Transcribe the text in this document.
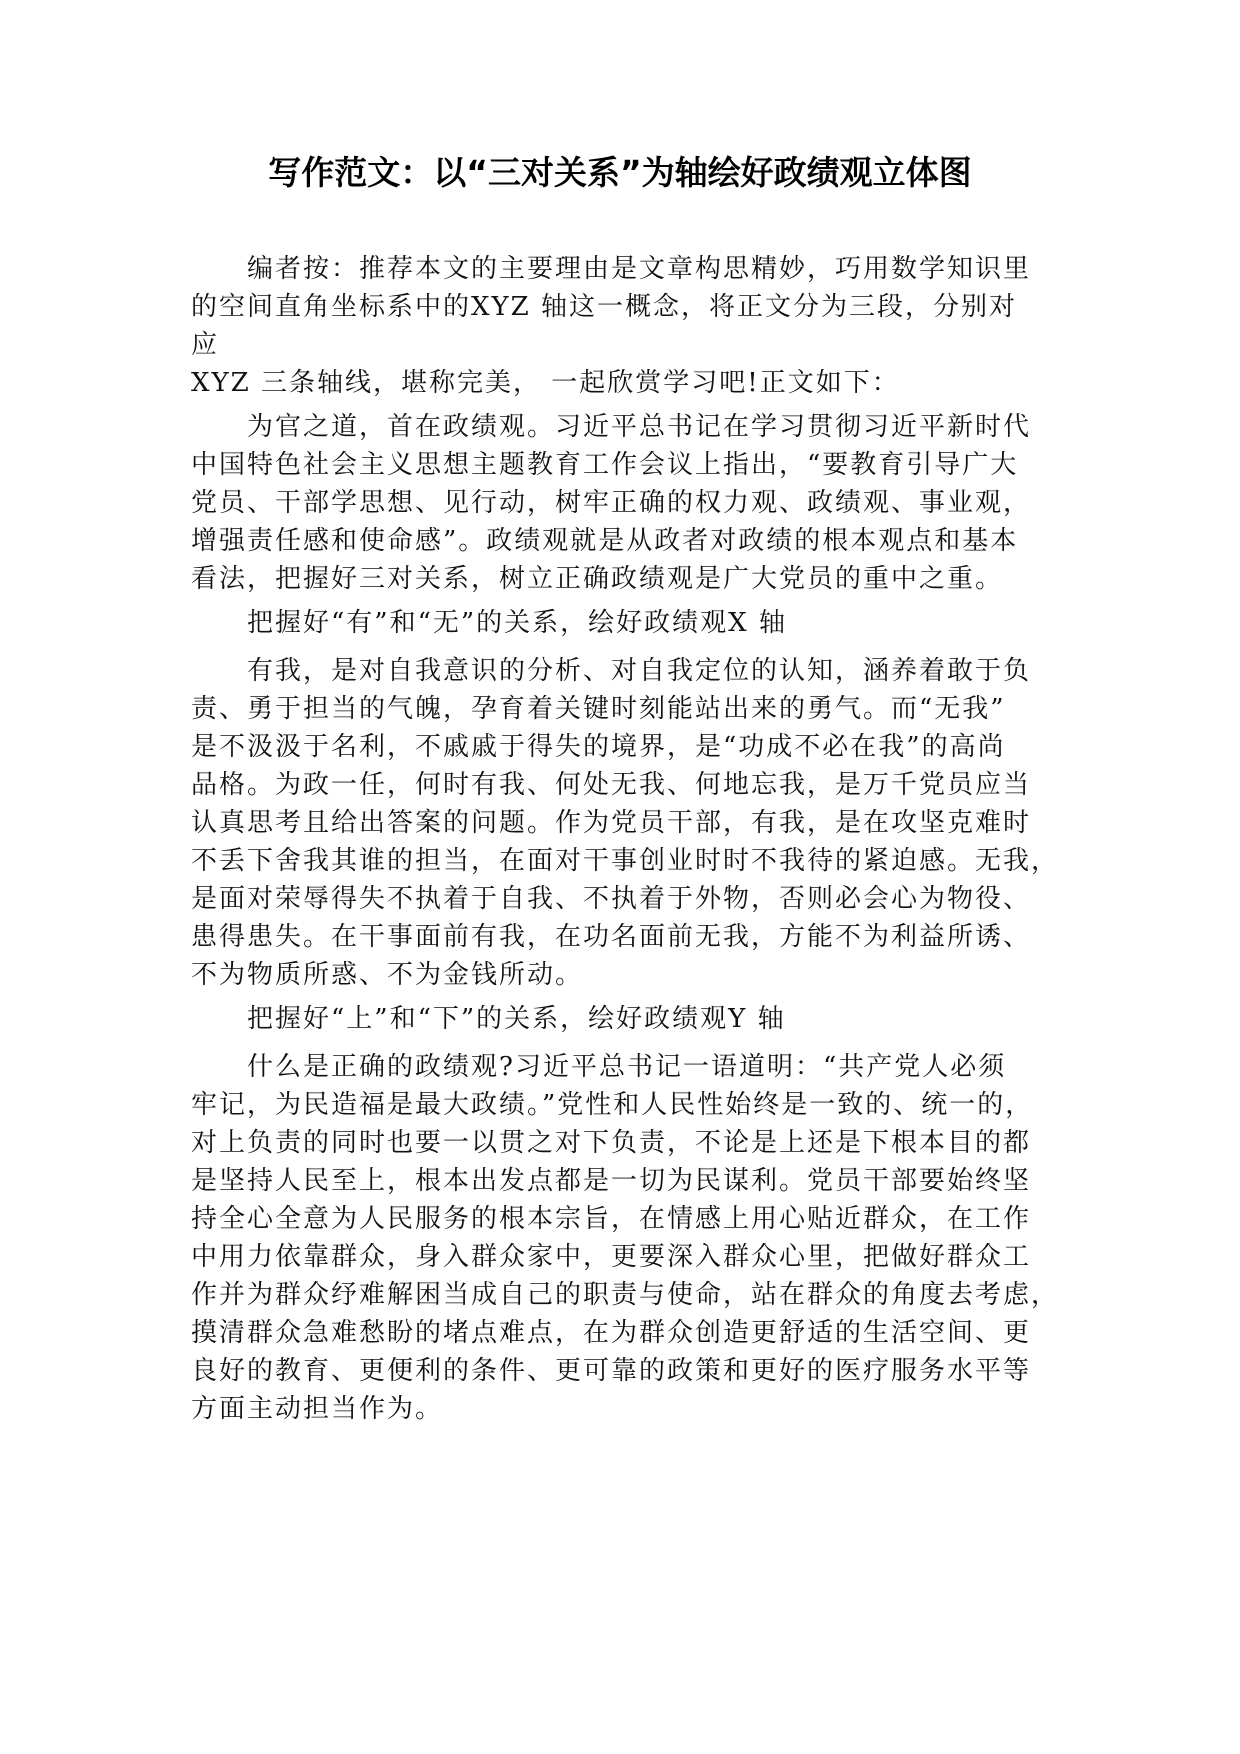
写作范文：以“三对关系”为轴绘好政绩观立体图
编者按：推荐本文的主要理由是文章构思精妙，巧用数学知识里
的空间直角坐标系中的XYZ 轴这一概念，将正文分为三段，分别对
应
XYZ 三条轴线，堪称完美， 一起欣赏学习吧!正文如下：
为官之道，首在政绩观。习近平总书记在学习贯彻习近平新时代
中国特色社会主义思想主题教育工作会议上指出，“要教育引导广大
党员、干部学思想、见行动，树牢正确的权力观、政绩观、事业观，
增强责任感和使命感”。政绩观就是从政者对政绩的根本观点和基本
看法，把握好三对关系，树立正确政绩观是广大党员的重中之重。
把握好“有”和“无”的关系，绘好政绩观X 轴
有我，是对自我意识的分析、对自我定位的认知，涵养着敢于负
责、勇于担当的气魄，孕育着关键时刻能站出来的勇气。而“无我”
是不汲汲于名利，不戚戚于得失的境界，是“功成不必在我”的高尚
品格。为政一任，何时有我、何处无我、何地忘我，是万千党员应当
认真思考且给出答案的问题。作为党员干部，有我，是在攻坚克难时
不丢下舍我其谁的担当，在面对干事创业时时不我待的紧迫感。无我，
是面对荣辱得失不执着于自我、不执着于外物，否则必会心为物役、
患得患失。在干事面前有我，在功名面前无我，方能不为利益所诱、
不为物质所惑、不为金钱所动。
把握好“上”和“下”的关系，绘好政绩观Y 轴
什么是正确的政绩观?习近平总书记一语道明：“共产党人必须
牢记，为民造福是最大政绩。”党性和人民性始终是一致的、统一的，
对上负责的同时也要一以贯之对下负责，不论是上还是下根本目的都
是坚持人民至上，根本出发点都是一切为民谋利。党员干部要始终坚
持全心全意为人民服务的根本宗旨，在情感上用心贴近群众，在工作
中用力依靠群众，身入群众家中，更要深入群众心里，把做好群众工
作并为群众纾难解困当成自己的职责与使命，站在群众的角度去考虑，
摸清群众急难愁盼的堵点难点，在为群众创造更舒适的生活空间、更
良好的教育、更便利的条件、更可靠的政策和更好的医疗服务水平等
方面主动担当作为。
